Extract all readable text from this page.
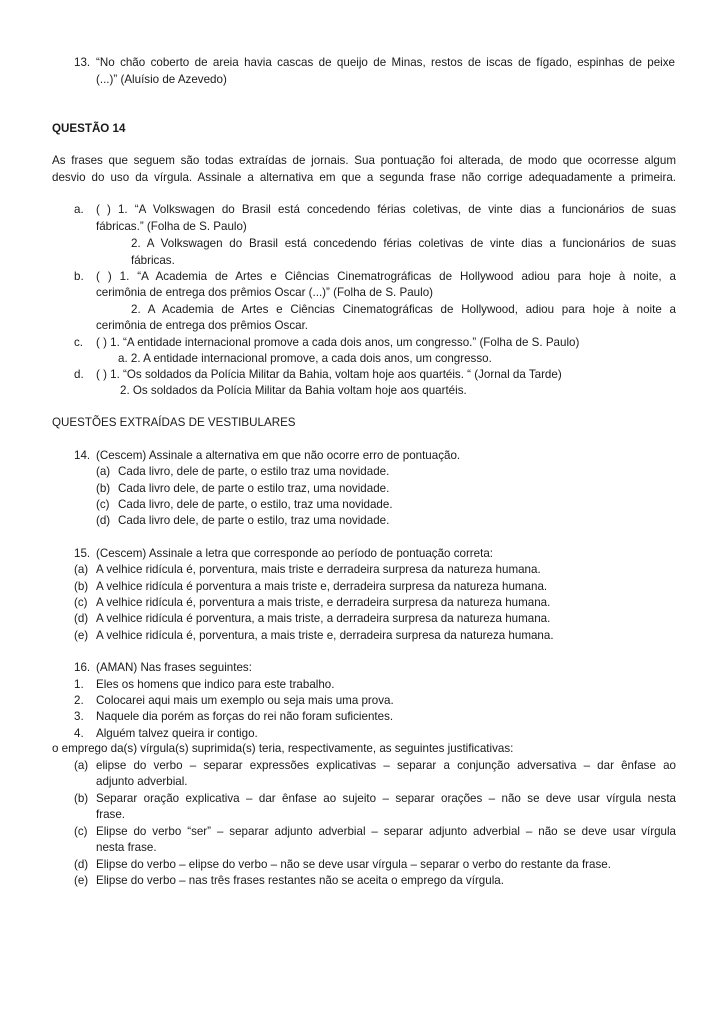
13. “No chão coberto de areia havia cascas de queijo de Minas, restos de iscas de fígado, espinhas de peixe
(...)” (Aluísio de Azevedo)
QUESTÃO 14
As frases que seguem são todas extraídas de jornais. Sua pontuação foi alterada, de modo que ocorresse algum
desvio do uso da vírgula. Assinale a alternativa em que a segunda frase não corrige adequadamente a primeira.
a. ( ) 1. “A Volkswagen do Brasil está concedendo férias coletivas, de vinte dias a funcionários de suas
fábricas.” (Folha de S. Paulo)
2. A Volkswagen do Brasil está concedendo férias coletivas de vinte dias a funcionários de suas
fábricas.
b. ( ) 1. “A Academia de Artes e Ciências Cinematrográficas de Hollywood adiou para hoje à noite, a
cerimônia de entrega dos prêmios Oscar (...)” (Folha de S. Paulo)
2. A Academia de Artes e Ciências Cinematográficas de Hollywood, adiou para hoje à noite a
cerimônia de entrega dos prêmios Oscar.
c. ( ) 1. “A entidade internacional promove a cada dois anos, um congresso.” (Folha de S. Paulo)
a. 2. A entidade internacional promove, a cada dois anos, um congresso.
d. ( ) 1. “Os soldados da Polícia Militar da Bahia, voltam hoje aos quartéis. “ (Jornal da Tarde)
2. Os soldados da Polícia Militar da Bahia voltam hoje aos quartéis.
QUESTÕES EXTRAÍDAS DE VESTIBULARES
14. (Cescem) Assinale a alternativa em que não ocorre erro de pontuação.
(a) Cada livro, dele de parte, o estilo traz uma novidade.
(b) Cada livro dele, de parte o estilo traz, uma novidade.
(c) Cada livro, dele de parte, o estilo, traz uma novidade.
(d) Cada livro dele, de parte o estilo, traz uma novidade.
15. (Cescem) Assinale a letra que corresponde ao período de pontuação correta:
(a) A velhice ridícula é, porventura, mais triste e derradeira surpresa da natureza humana.
(b) A velhice ridícula é porventura a mais triste e, derradeira surpresa da natureza humana.
(c) A velhice ridícula é, porventura a mais triste, e derradeira surpresa da natureza humana.
(d) A velhice ridícula é porventura, a mais triste, a derradeira surpresa da natureza humana.
(e) A velhice ridícula é, porventura, a mais triste e, derradeira surpresa da natureza humana.
16. (AMAN) Nas frases seguintes:
1. Eles os homens que indico para este trabalho.
2. Colocarei aqui mais um exemplo ou seja mais uma prova.
3. Naquele dia porém as forças do rei não foram suficientes.
4. Alguém talvez queira ir contigo.
o emprego da(s) vírgula(s) suprimida(s) teria, respectivamente, as seguintes justificativas:
(a) elipse do verbo – separar expressões explicativas – separar a conjunção adversativa – dar ênfase ao
adjunto adverbial.
(b) Separar oração explicativa – dar ênfase ao sujeito – separar orações – não se deve usar vírgula nesta
frase.
(c) Elipse do verbo “ser” – separar adjunto adverbial – separar adjunto adverbial – não se deve usar vírgula
nesta frase.
(d) Elipse do verbo – elipse do verbo – não se deve usar vírgula – separar o verbo do restante da frase.
(e) Elipse do verbo – nas três frases restantes não se aceita o emprego da vírgula.
